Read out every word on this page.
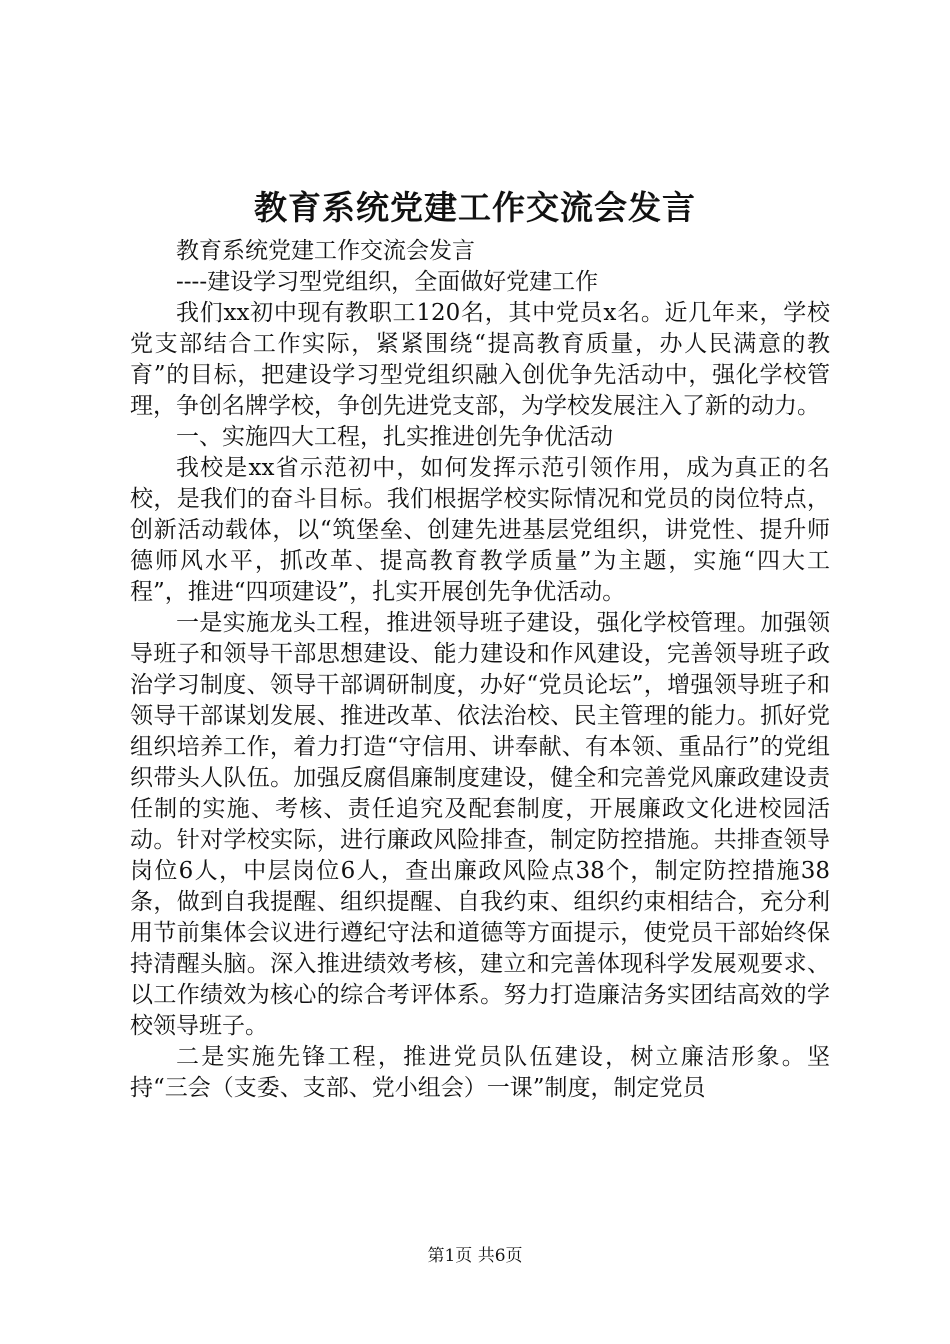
教育系统党建工作交流会发言

教育系统党建工作交流会发言

----建设学习型党组织，全面做好党建工作

我们xx初中现有教职工120名，其中党员x名。近几年来，学校党支部结合工作实际，紧紧围绕“提高教育质量，办人民满意的教育”的目标，把建设学习型党组织融入创优争先活动中，强化学校管理，争创名牌学校，争创先进党支部，为学校发展注入了新的动力。

一、实施四大工程，扎实推进创先争优活动

我校是xx省示范初中，如何发挥示范引领作用，成为真正的名校，是我们的奋斗目标。我们根据学校实际情况和党员的岗位特点，创新活动载体，以“筑堡垒、创建先进基层党组织，讲党性、提升师德师风水平，抓改革、提高教育教学质量”为主题，实施“四大工程”，推进“四项建设”，扎实开展创先争优活动。

一是实施龙头工程，推进领导班子建设，强化学校管理。加强领导班子和领导干部思想建设、能力建设和作风建设，完善领导班子政治学习制度、领导干部调研制度，办好“党员论坛”，增强领导班子和领导干部谋划发展、推进改革、依法治校、民主管理的能力。抓好党组织培养工作，着力打造“守信用、讲奉献、有本领、重品行”的党组织带头人队伍。加强反腐倡廉制度建设，健全和完善党风廉政建设责任制的实施、考核、责任追究及配套制度，开展廉政文化进校园活动。针对学校实际，进行廉政风险排查，制定防控措施。共排查领导岗位6人，中层岗位6人，查出廉政风险点38个，制定防控措施38条，做到自我提醒、组织提醒、自我约束、组织约束相结合，充分利用节前集体会议进行遵纪守法和道德等方面提示，使党员干部始终保持清醒头脑。深入推进绩效考核，建立和完善体现科学发展观要求、以工作绩效为核心的综合考评体系。努力打造廉洁务实团结高效的学校领导班子。

二是实施先锋工程，推进党员队伍建设，树立廉洁形象。坚持“三会（支委、支部、党小组会）一课”制度，制定党员

第1页 共6页
